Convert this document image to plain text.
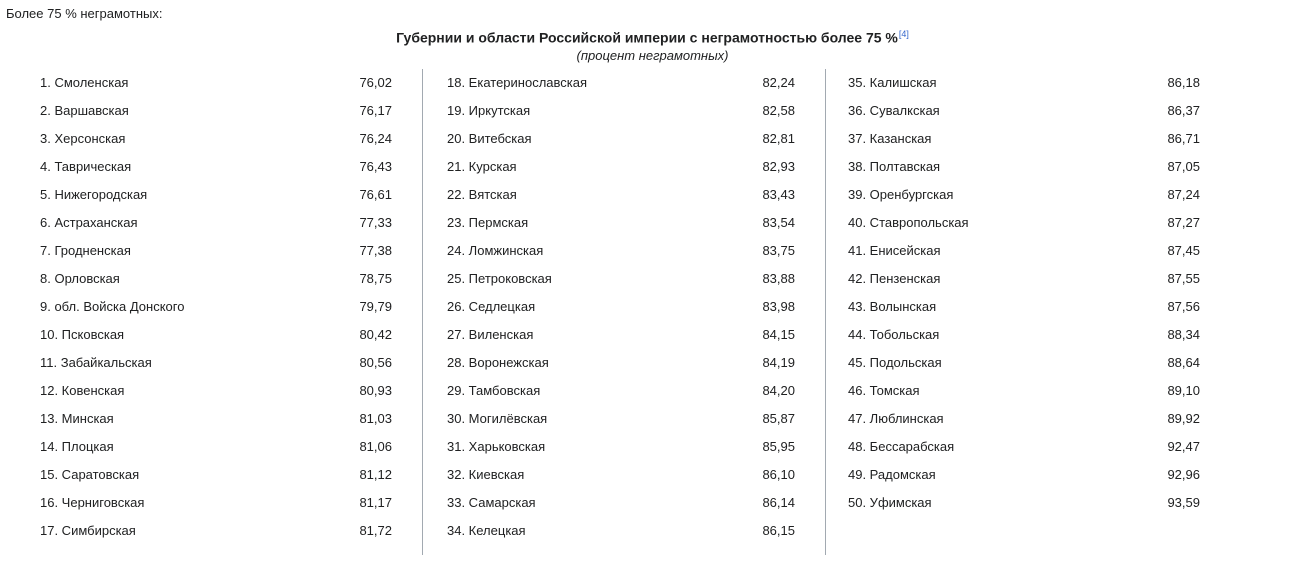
Более 75 % неграмотных:
Губернии и области Российской империи с неграмотностью более 75 %[4]
(процент неграмотных)
1. Смоленская	76,02
2. Варшавская	76,17
3. Херсонская	76,24
4. Таврическая	76,43
5. Нижегородская	76,61
6. Астраханская	77,33
7. Гродненская	77,38
8. Орловская	78,75
9. обл. Войска Донского	79,79
10. Псковская	80,42
11. Забайкальская	80,56
12. Ковенская	80,93
13. Минская	81,03
14. Плоцкая	81,06
15. Саратовская	81,12
16. Черниговская	81,17
17. Симбирская	81,72
18. Екатеринославская	82,24
19. Иркутская	82,58
20. Витебская	82,81
21. Курская	82,93
22. Вятская	83,43
23. Пермская	83,54
24. Ломжинская	83,75
25. Петроковская	83,88
26. Седлецкая	83,98
27. Виленская	84,15
28. Воронежская	84,19
29. Тамбовская	84,20
30. Могилёвская	85,87
31. Харьковская	85,95
32. Киевская	86,10
33. Самарская	86,14
34. Келецкая	86,15
35. Калишская	86,18
36. Сувалкская	86,37
37. Казанская	86,71
38. Полтавская	87,05
39. Оренбургская	87,24
40. Ставропольская	87,27
41. Енисейская	87,45
42. Пензенская	87,55
43. Волынская	87,56
44. Тобольская	88,34
45. Подольская	88,64
46. Томская	89,10
47. Люблинская	89,92
48. Бессарабская	92,47
49. Радомская	92,96
50. Уфимская	93,59
